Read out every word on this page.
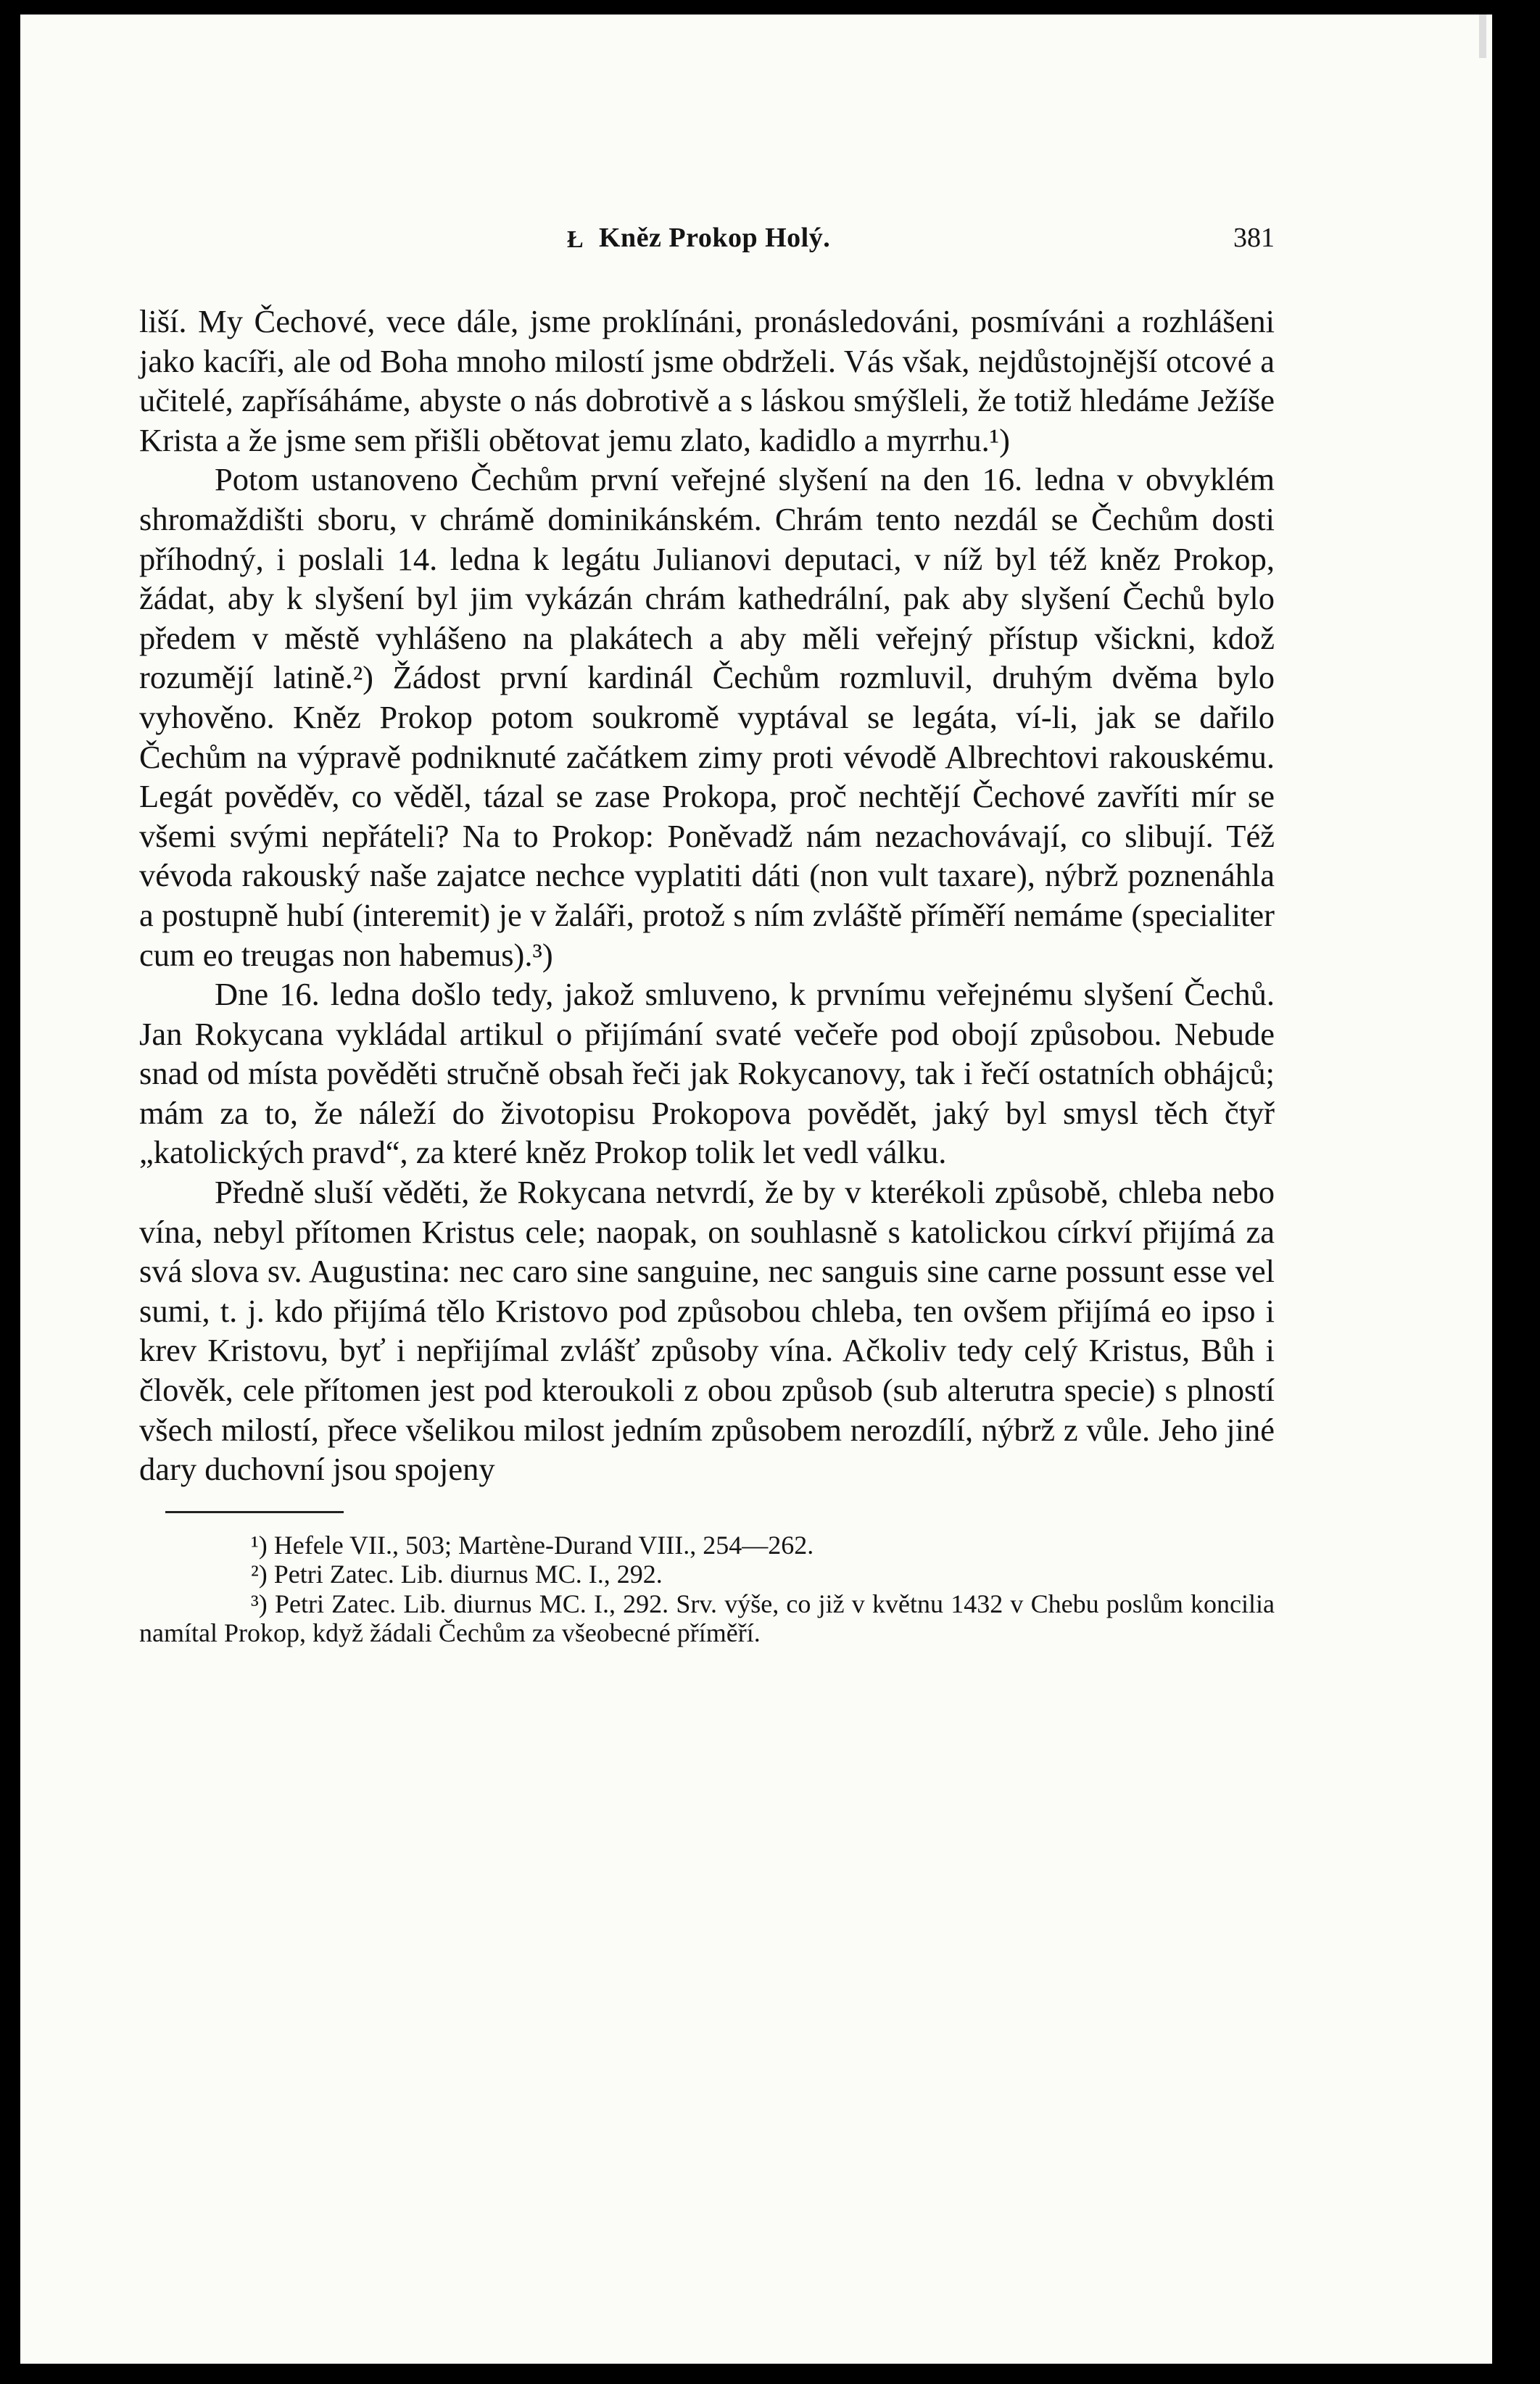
Ł Kněz Prokop Holý.	381

liší. My Čechové, vece dále, jsme proklínáni, pronásledováni, posmíváni a rozhlášeni jako kacíři, ale od Boha mnoho milostí jsme obdrželi. Vás však, nejdůstojnější otcové a učitelé, zapřísáháme, abyste o nás dobrotivě a s láskou smýšleli, že totiž hledáme Ježíše Krista a že jsme sem přišli obětovat jemu zlato, kadidlo a myrrhu.¹)

Potom ustanoveno Čechům první veřejné slyšení na den 16. ledna v obvyklém shromaždišti sboru, v chrámě dominikánském. Chrám tento nezdál se Čechům dosti příhodný, i poslali 14. ledna k legátu Julianovi deputaci, v níž byl též kněz Prokop, žádat, aby k slyšení byl jim vykázán chrám kathedrální, pak aby slyšení Čechů bylo předem v městě vyhlášeno na plakátech a aby měli veřejný přístup všickni, kdož rozumějí latině.²) Žádost první kardinál Čechům rozmluvil, druhým dvěma bylo vyhověno. Kněz Prokop potom soukromě vyptával se legáta, ví-li, jak se dařilo Čechům na výpravě podniknuté začátkem zimy proti vévodě Albrechtovi rakouskému. Legát pověděv, co věděl, tázal se zase Prokopa, proč nechtějí Čechové zavříti mír se všemi svými nepřáteli? Na to Prokop: Poněvadž nám nezachovávají, co slibují. Též vévoda rakouský naše zajatce nechce vyplatiti dáti (non vult taxare), nýbrž poznenáhla a postupně hubí (interemit) je v žaláři, protož s ním zvláště příměří nemáme (specialiter cum eo treugas non habemus).³)

Dne 16. ledna došlo tedy, jakož smluveno, k prvnímu veřejnému slyšení Čechů. Jan Rokycana vykládal artikul o přijímání svaté večeře pod obojí způsobou. Nebude snad od místa pověděti stručně obsah řeči jak Rokycanovy, tak i řečí ostatních obhájců; mám za to, že náleží do životopisu Prokopova povědět, jaký byl smysl těch čtyř „katolických pravd“, za které kněz Prokop tolik let vedl válku.

Předně sluší věděti, že Rokycana netvrdí, že by v kterékoli způsobě, chleba nebo vína, nebyl přítomen Kristus cele; naopak, on souhlasně s katolickou církví přijímá za svá slova sv. Augustina: nec caro sine sanguine, nec sanguis sine carne possunt esse vel sumi, t. j. kdo přijímá tělo Kristovo pod způsobou chleba, ten ovšem přijímá eo ipso i krev Kristovu, byť i nepřijímal zvlášť způsoby vína. Ačkoliv tedy celý Kristus, Bůh i člověk, cele přítomen jest pod kteroukoli z obou způsob (sub alterutra specie) s plností všech milostí, přece všelikou milost jedním způsobem nerozdílí, nýbrž z vůle. Jeho jiné dary duchovní jsou spojeny

¹) Hefele VII., 503; Martène-Durand VIII., 254—262.

²) Petri Zatec. Lib. diurnus MC. I., 292.

³) Petri Zatec. Lib. diurnus MC. I., 292. Srv. výše, co již v květnu 1432 v Chebu poslům koncilia namítal Prokop, když žádali Čechům za všeobecné příměří.
